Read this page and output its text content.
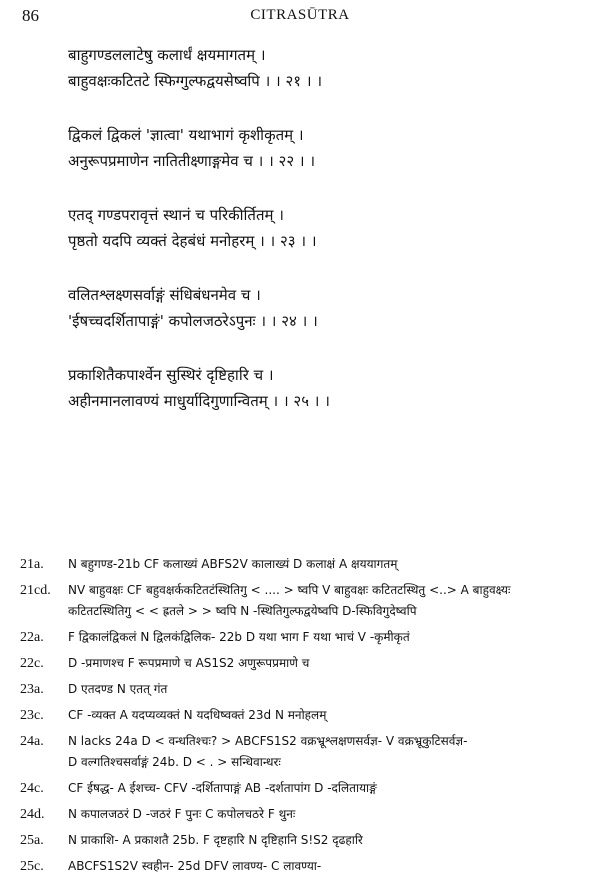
86	CITRASŪTRA
बाहुगण्डललाटेषु कलार्धं क्षयमागतम् ।
बाहुवक्षःकटितटे स्फिग्गुल्फद्वयसेष्वपि । । २१ । ।
द्विकलं द्विकलं 'ज्ञात्वा' यथाभागं कृशीकृतम् ।
अनुरूपप्रमाणेन नातितीक्ष्णाङ्गमेव च । । २२ । ।
एतद् गण्डपरावृत्तं स्थानं च परिकीर्तितम् ।
पृष्ठतो यदपि व्यक्तं देहबंधं मनोहरम् । । २३ । ।
वलितश्लक्ष्णसर्वाङ्गं संधिबंधनमेव च ।
'ईषच्चदर्शितापाङ्गं' कपोलजठरेऽपुनः । । २४ । ।
प्रकाशितैकपार्श्वेन सुस्थिरं दृष्टिहारि च ।
अहीनमानलावण्यं माधुर्यादिगुणान्वितम् । । २५ । ।
21a.	N बहुगण्ड-21b CF कलाख्यं ABFS2V कालाख्यं D कलाक्षं A क्षययागतम्
21cd.	NV बाहुवक्षः CF बहुवक्षर्ककटितटंस्थितिगु < .... > ष्वपि V बाहुवक्षः कटितटस्थितु <..> A बाहुवक्ष्यः
कटितटस्थितिगु < < ह्रतले > > ष्वपि N -स्थितिगुल्फद्वयेष्वपि D-स्फिविगुदेष्वपि
22a.	F द्विकालंद्विकलं N द्विलकंद्विलिक- 22b D यथा भाग F यथा भाचं V -कृमीकृतं
22c.	D -प्रमाणश्च F रूपप्रमाणे च AS1S2 अणुरूपप्रमाणे च
23a.	D एतदण्ड N एतत् गंत
23c.	CF -व्यक्त A यदप्यव्यक्तं N यदधिष्वक्तं 23d N मनोहलम्
24a.	N lacks 24a D < वन्धतिश्चः? > ABCFS1S2 वक्रभ्रूश्लक्षणसर्वज्ञ- V वक्रभ्रूकुटिसर्वज्ञ-
D वल्गतिश्चसर्वाङ्गं 24b. D < . > सन्धिवान्धरः
24c.	CF ईषद्ध- A ईशच्च- CFV -दर्शितापाङ्गं AB -दर्शतापांग D -दलितायाङ्गं
24d.	N कपालजठरं D -जठरं F पुनः C कपोलचठरे F थुनः
25a.	N प्राकाशि- A प्रकाशतै 25b. F दृष्टहारि N दृष्टिहानि S!S2 दृढहारि
25c.	ABCFS1S2V स्वहीन- 25d DFV लावण्य- C लावण्या-
